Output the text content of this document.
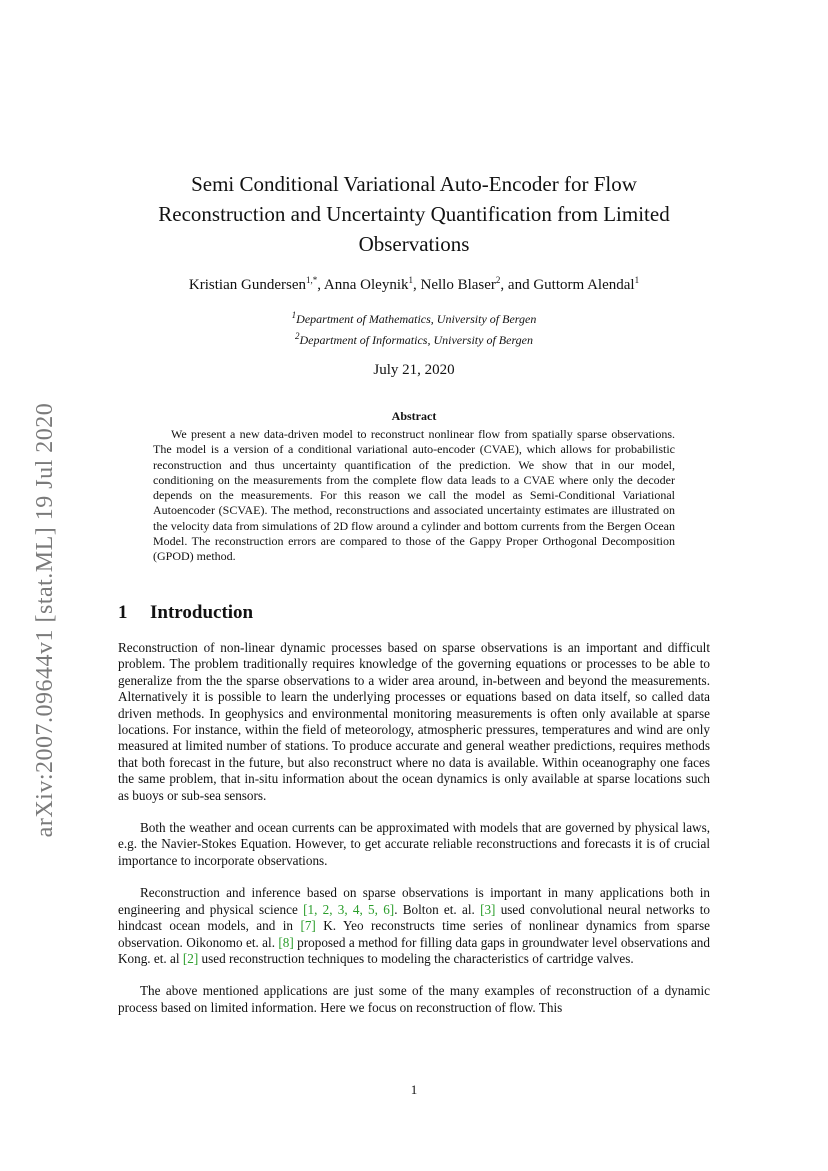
arXiv:2007.09644v1 [stat.ML] 19 Jul 2020
Semi Conditional Variational Auto-Encoder for Flow
Reconstruction and Uncertainty Quantification from Limited
Observations
Kristian Gundersen$^{1,*}$, Anna Oleynik$^1$, Nello Blaser$^2$, and Guttorm Alendal$^1$
$^1$Department of Mathematics, University of Bergen
$^2$Department of Informatics, University of Bergen
July 21, 2020
Abstract

We present a new data-driven model to reconstruct nonlinear flow from spatially sparse observations. The model is a version of a conditional variational auto-encoder (CVAE), which allows for probabilistic reconstruction and thus uncertainty quantification of the prediction. We show that in our model, conditioning on the measurements from the complete flow data leads to a CVAE where only the decoder depends on the measurements. For this reason we call the model as Semi-Conditional Variational Autoencoder (SCVAE). The method, reconstructions and associated uncertainty estimates are illustrated on the velocity data from simulations of 2D flow around a cylinder and bottom currents from the Bergen Ocean Model. The reconstruction errors are compared to those of the Gappy Proper Orthogonal Decomposition (GPOD) method.

1 Introduction

Reconstruction of non-linear dynamic processes based on sparse observations is an important and difficult problem. The problem traditionally requires knowledge of the governing equations or processes to be able to generalize from the the sparse observations to a wider area around, in-between and beyond the measurements. Alternatively it is possible to learn the underlying processes or equations based on data itself, so called data driven methods. In geophysics and environmental monitoring measurements is often only available at sparse locations. For instance, within the field of meteorology, atmospheric pressures, temperatures and wind are only measured at limited number of stations. To produce accurate and general weather predictions, requires methods that both forecast in the future, but also reconstruct where no data is available. Within oceanography one faces the same problem, that in-situ information about the ocean dynamics is only available at sparse locations such as buoys or sub-sea sensors.

Both the weather and ocean currents can be approximated with models that are governed by physical laws, e.g. the Navier-Stokes Equation. However, to get accurate reliable reconstructions and forecasts it is of crucial importance to incorporate observations.

Reconstruction and inference based on sparse observations is important in many applications both in engineering and physical science [1, 2, 3, 4, 5, 6]. Bolton et. al. [3] used convolutional neural networks to hindcast ocean models, and in [7] K. Yeo reconstructs time series of nonlinear dynamics from sparse observation. Oikonomo et. al. [8] proposed a method for filling data gaps in groundwater level observations and Kong. et. al [2] used reconstruction techniques to modeling the characteristics of cartridge valves.

The above mentioned applications are just some of the many examples of reconstruction of a dynamic process based on limited information. Here we focus on reconstruction of flow. This

1
